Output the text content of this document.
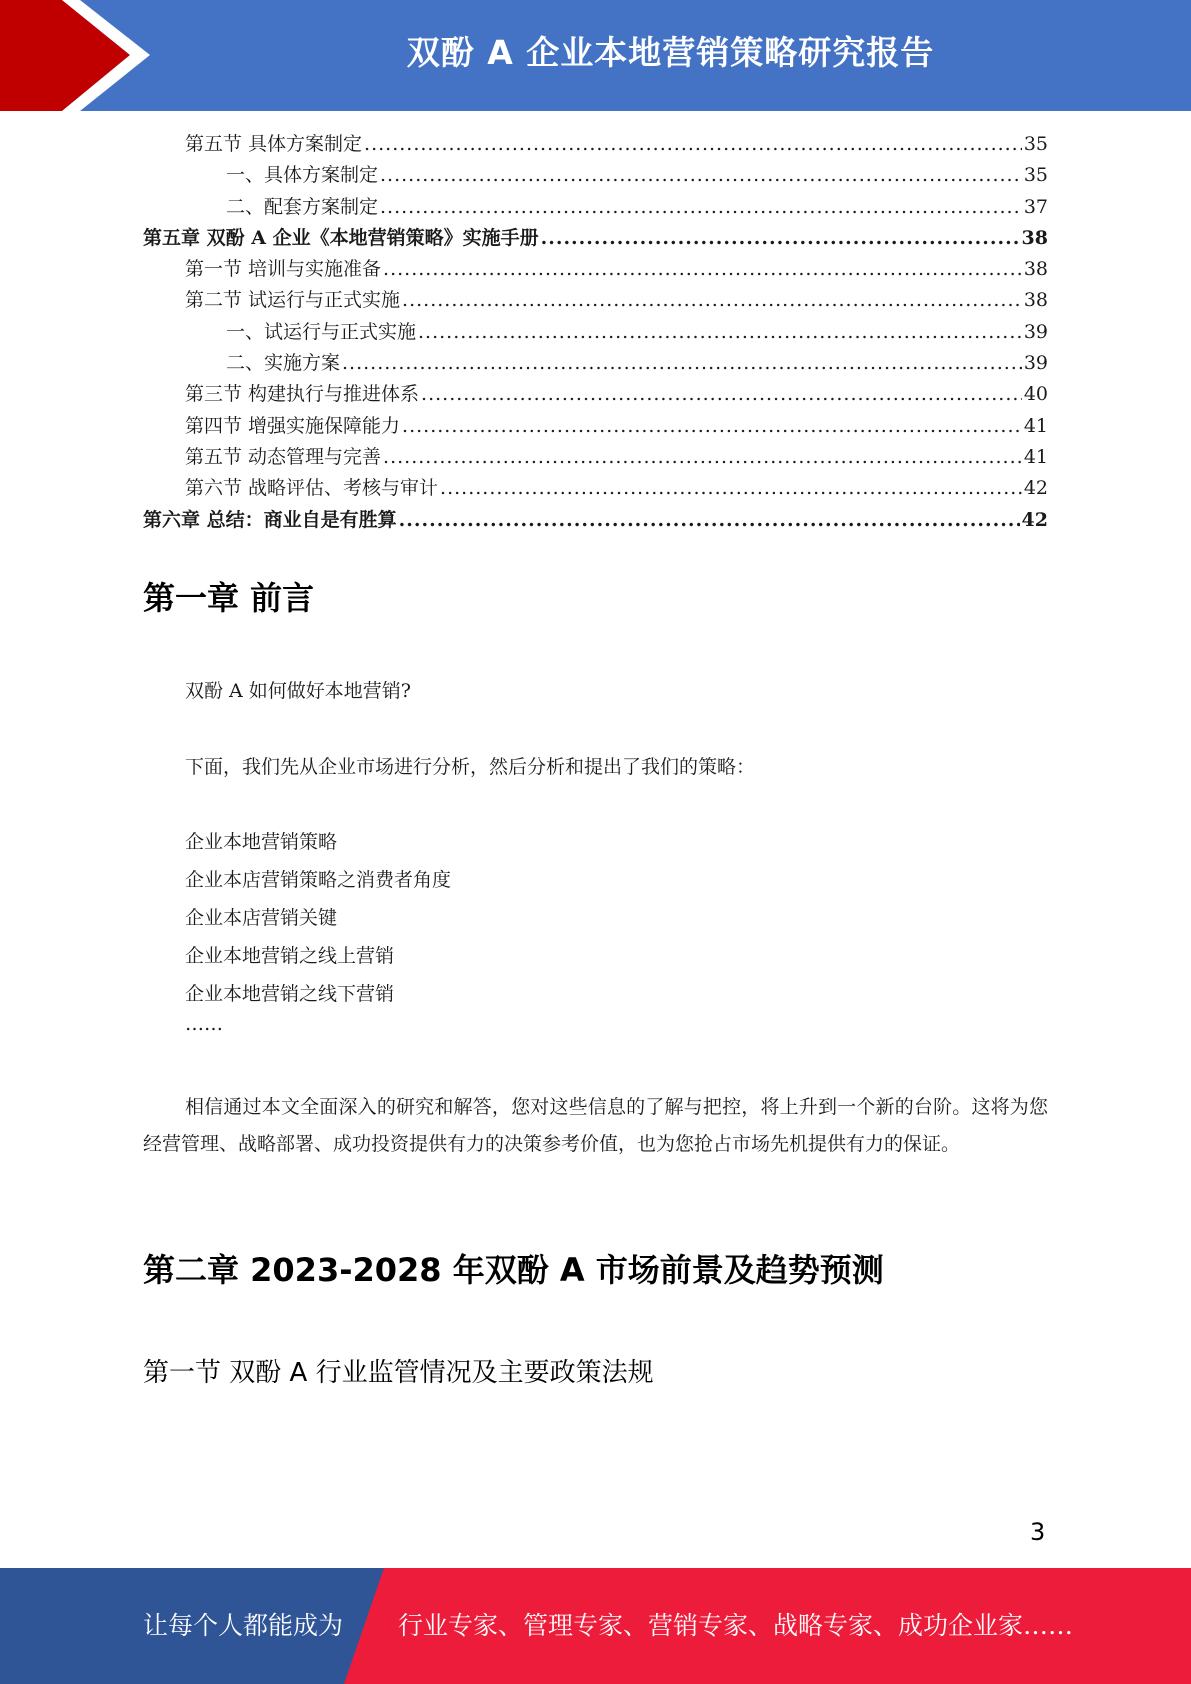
双酚 A 企业本地营销策略研究报告
第五节 具体方案制定 .....	35
一、具体方案制定 .....	35
二、配套方案制定 .....	37
第五章 双酚 A 企业《本地营销策略》实施手册 .....	38
第一节 培训与实施准备 .....	38
第二节 试运行与正式实施 .....	38
一、试运行与正式实施 .....	39
二、实施方案 .....	39
第三节 构建执行与推进体系 .....	40
第四节 增强实施保障能力 .....	41
第五节 动态管理与完善 .....	41
第六节 战略评估、考核与审计 .....	42
第六章 总结：商业自是有胜算 .....	42
第一章 前言
双酚 A 如何做好本地营销?
下面，我们先从企业市场进行分析，然后分析和提出了我们的策略：
企业本地营销策略
企业本店营销策略之消费者角度
企业本店营销关键
企业本地营销之线上营销
企业本地营销之线下营销
……
相信通过本文全面深入的研究和解答，您对这些信息的了解与把控，将上升到一个新的台阶。这将为您经营管理、战略部署、成功投资提供有力的决策参考价值，也为您抢占市场先机提供有力的保证。
第二章 2023-2028 年双酚 A 市场前景及趋势预测
第一节 双酚 A 行业监管情况及主要政策法规
3
让每个人都能成为 行业专家、管理专家、营销专家、战略专家、成功企业家……
